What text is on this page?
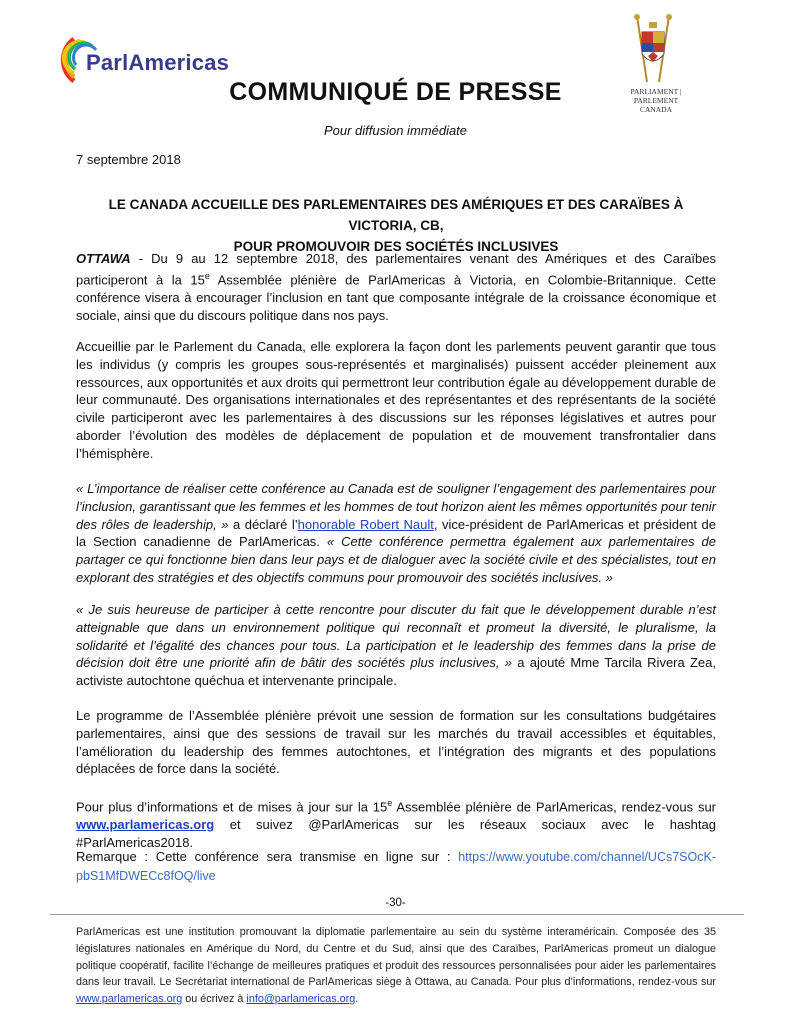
ParlAmericas
PARLIAMENT | PARLEMENT
CANADA
COMMUNIQUÉ DE PRESSE
Pour diffusion immédiate
7 septembre 2018
LE CANADA ACCUEILLE DES PARLEMENTAIRES DES AMÉRIQUES ET DES CARAÏBES À VICTORIA, CB,
POUR PROMOUVOIR DES SOCIÉTÉS INCLUSIVES

OTTAWA - Du 9 au 12 septembre 2018, des parlementaires venant des Amériques et des Caraïbes participeront à la 15e Assemblée plénière de ParlAmericas à Victoria, en Colombie-Britannique. Cette conférence visera à encourager l’inclusion en tant que composante intégrale de la croissance économique et sociale, ainsi que du discours politique dans nos pays.

Accueillie par le Parlement du Canada, elle explorera la façon dont les parlements peuvent garantir que tous les individus (y compris les groupes sous-représentés et marginalisés) puissent accéder pleinement aux ressources, aux opportunités et aux droits qui permettront leur contribution égale au développement durable de leur communauté. Des organisations internationales et des représentantes et des représentants de la société civile participeront avec les parlementaires à des discussions sur les réponses législatives et autres pour aborder l’évolution des modèles de déplacement de population et de mouvement transfrontalier dans l’hémisphère.

« L’importance de réaliser cette conférence au Canada est de souligner l’engagement des parlementaires pour l’inclusion, garantissant que les femmes et les hommes de tout horizon aient les mêmes opportunités pour tenir des rôles de leadership, » a déclaré l’honorable Robert Nault, vice-président de ParlAmericas et président de la Section canadienne de ParlAmericas. « Cette conférence permettra également aux parlementaires de partager ce qui fonctionne bien dans leur pays et de dialoguer avec la société civile et des spécialistes, tout en explorant des stratégies et des objectifs communs pour promouvoir des sociétés inclusives. »

« Je suis heureuse de participer à cette rencontre pour discuter du fait que le développement durable n’est atteignable que dans un environnement politique qui reconnaît et promeut la diversité, le pluralisme, la solidarité et l’égalité des chances pour tous. La participation et le leadership des femmes dans la prise de décision doit être une priorité afin de bâtir des sociétés plus inclusives, » a ajouté Mme Tarcila Rivera Zea, activiste autochtone quéchua et intervenante principale.

Le programme de l’Assemblée plénière prévoit une session de formation sur les consultations budgétaires parlementaires, ainsi que des sessions de travail sur les marchés du travail accessibles et équitables, l’amélioration du leadership des femmes autochtones, et l’intégration des migrants et des populations déplacées de force dans la société.

Pour plus d’informations et de mises à jour sur la 15e Assemblée plénière de ParlAmericas, rendez-vous sur www.parlamericas.org et suivez @ParlAmericas sur les réseaux sociaux avec le hashtag #ParlAmericas2018.

Remarque : Cette conférence sera transmise en ligne sur : https://www.youtube.com/channel/UCs7SOcK-pbS1MfDWECc8fOQ/live

-30-
ParlAmericas est une institution promouvant la diplomatie parlementaire au sein du système interaméricain. Composée des 35 législatures nationales en Amérique du Nord, du Centre et du Sud, ainsi que des Caraïbes, ParlAmericas promeut un dialogue politique coopératif, facilite l’échange de meilleures pratiques et produit des ressources personnalisées pour aider les parlementaires dans leur travail. Le Secrétariat international de ParlAmericas siège à Ottawa, au Canada. Pour plus d’informations, rendez-vous sur www.parlamericas.org ou écrivez à info@parlamericas.org.
